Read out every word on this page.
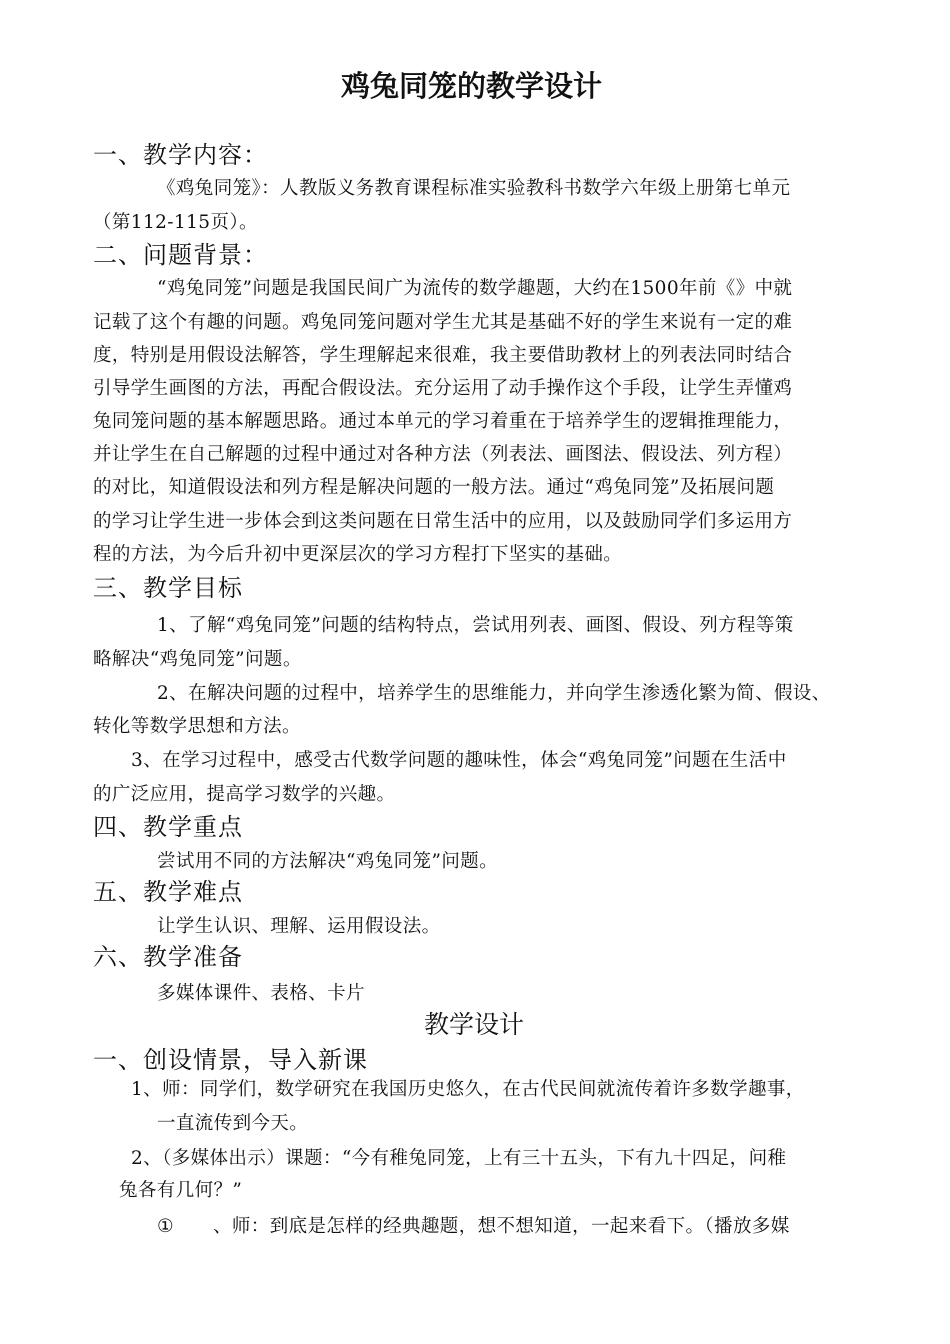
鸡兔同笼的教学设计
一、教学内容：
《鸡兔同笼》：人教版义务教育课程标准实验教科书数学六年级上册第七单元
（第112-115页）。
二、问题背景：
“鸡兔同笼”问题是我国民间广为流传的数学趣题，大约在1500年前《》中就
记载了这个有趣的问题。鸡兔同笼问题对学生尤其是基础不好的学生来说有一定的难
度，特别是用假设法解答，学生理解起来很难，我主要借助教材上的列表法同时结合
引导学生画图的方法，再配合假设法。充分运用了动手操作这个手段，让学生弄懂鸡
兔同笼问题的基本解题思路。通过本单元的学习着重在于培养学生的逻辑推理能力，
并让学生在自己解题的过程中通过对各种方法（列表法、画图法、假设法、列方程）
的对比，知道假设法和列方程是解决问题的一般方法。通过“鸡兔同笼”及拓展问题
的学习让学生进一步体会到这类问题在日常生活中的应用，以及鼓励同学们多运用方
程的方法，为今后升初中更深层次的学习方程打下坚实的基础。
三、教学目标
1、了解“鸡兔同笼”问题的结构特点，尝试用列表、画图、假设、列方程等策
略解决“鸡兔同笼”问题。
2、在解决问题的过程中，培养学生的思维能力，并向学生渗透化繁为简、假设、
转化等数学思想和方法。
3、在学习过程中，感受古代数学问题的趣味性，体会“鸡兔同笼”问题在生活中
的广泛应用，提高学习数学的兴趣。
四、教学重点
尝试用不同的方法解决“鸡兔同笼”问题。
五、教学难点
让学生认识、理解、运用假设法。
六、教学准备
多媒体课件、表格、卡片
教学设计
一、创设情景，导入新课
1、师：同学们，数学研究在我国历史悠久，在古代民间就流传着许多数学趣事，
一直流传到今天。
2、（多媒体出示）课题：“今有稚兔同笼，上有三十五头，下有九十四足，问稚
兔各有几何？”
① 、师：到底是怎样的经典趣题，想不想知道，一起来看下。（播放多媒
